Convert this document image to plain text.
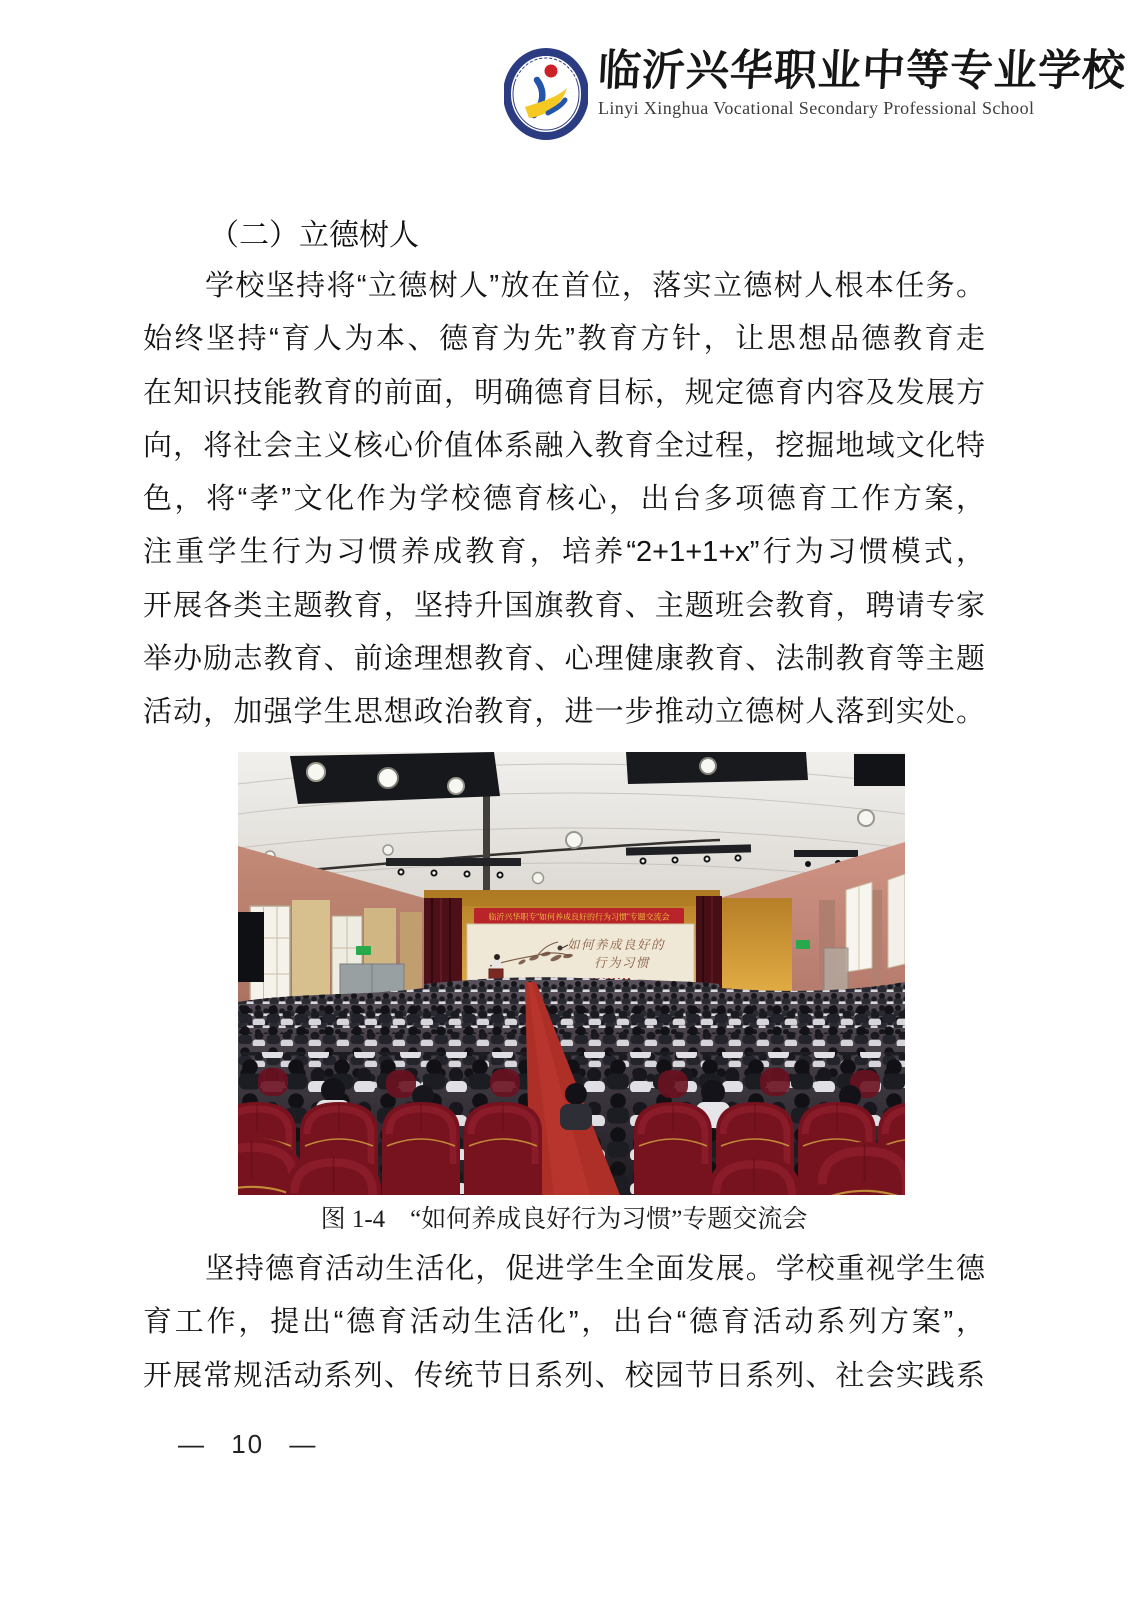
临沂兴华职业中等专业学校
Linyi Xinghua Vocational Secondary Professional School
（二）立德树人
学校坚持将“立德树人”放在首位，落实立德树人根本任务。
始终坚持“育人为本、德育为先”教育方针，让思想品德教育走
在知识技能教育的前面，明确德育目标，规定德育内容及发展方
向，将社会主义核心价值体系融入教育全过程，挖掘地域文化特
色，将“孝”文化作为学校德育核心，出台多项德育工作方案，
注重学生行为习惯养成教育，培养“2+1+1+x”行为习惯模式，
开展各类主题教育，坚持升国旗教育、主题班会教育，聘请专家
举办励志教育、前途理想教育、心理健康教育、法制教育等主题
活动，加强学生思想政治教育，进一步推动立德树人落到实处。
临沂兴华职专“如何养成良好的行为习惯”专题交流会
如何养成良好的
行为习惯
图 1-4　“如何养成良好行为习惯”专题交流会
坚持德育活动生活化，促进学生全面发展。学校重视学生德
育工作，提出“德育活动生活化”，出台“德育活动系列方案”，
开展常规活动系列、传统节日系列、校园节日系列、社会实践系
— 10 —
